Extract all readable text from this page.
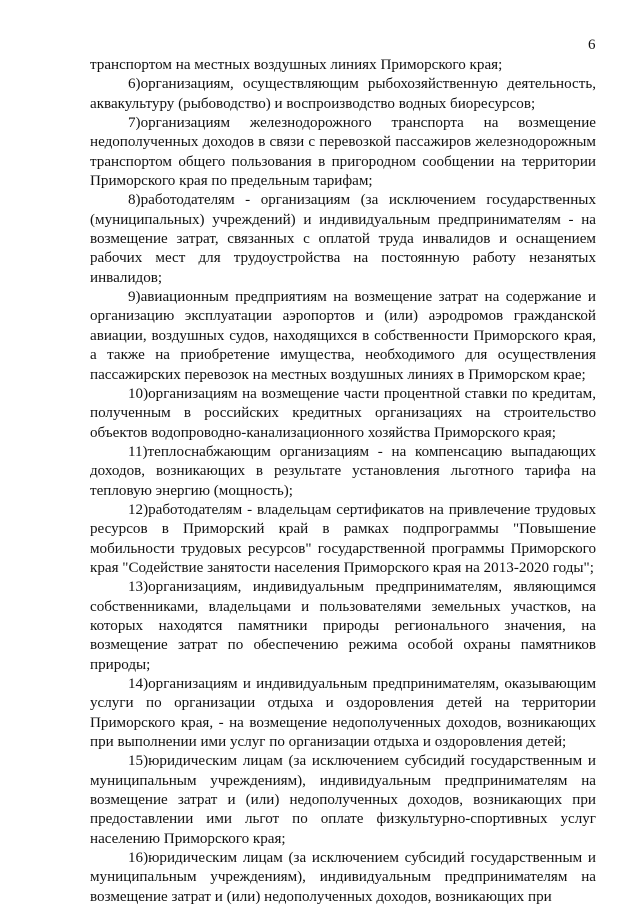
6

транспортом на местных воздушных линиях Приморского края;

6)организациям, осуществляющим рыбохозяйственную деятельность, аквакультуру (рыбоводство) и воспроизводство водных биоресурсов;

7)организациям железнодорожного транспорта на возмещение недополученных доходов в связи с перевозкой пассажиров железнодорожным транспортом общего пользования в пригородном сообщении на территории Приморского края по предельным тарифам;

8)работодателям - организациям (за исключением государственных (муниципальных) учреждений) и индивидуальным предпринимателям - на возмещение затрат, связанных с оплатой труда инвалидов и оснащением рабочих мест для трудоустройства на постоянную работу незанятых инвалидов;

9)авиационным предприятиям на возмещение затрат на содержание и организацию эксплуатации аэропортов и (или) аэродромов гражданской авиации, воздушных судов, находящихся в собственности Приморского края, а также на приобретение имущества, необходимого для осуществления пассажирских перевозок на местных воздушных линиях в Приморском крае;

10)организациям на возмещение части процентной ставки по кредитам, полученным в российских кредитных организациях на строительство объектов водопроводно-канализационного хозяйства Приморского края;

11)теплоснабжающим организациям - на компенсацию выпадающих доходов, возникающих в результате установления льготного тарифа на тепловую энергию (мощность);

12)работодателям - владельцам сертификатов на привлечение трудовых ресурсов в Приморский край в рамках подпрограммы "Повышение мобильности трудовых ресурсов" государственной программы Приморского края "Содействие занятости населения Приморского края на 2013-2020 годы";

13)организациям, индивидуальным предпринимателям, являющимся собственниками, владельцами и пользователями земельных участков, на которых находятся памятники природы регионального значения, на возмещение затрат по обеспечению режима особой охраны памятников природы;

14)организациям и индивидуальным предпринимателям, оказывающим услуги по организации отдыха и оздоровления детей на территории Приморского края, - на возмещение недополученных доходов, возникающих при выполнении ими услуг по организации отдыха и оздоровления детей;

15)юридическим лицам (за исключением субсидий государственным и муниципальным учреждениям), индивидуальным предпринимателям на возмещение затрат и (или) недополученных доходов, возникающих при предоставлении ими льгот по оплате физкультурно-спортивных услуг населению Приморского края;

16)юридическим лицам (за исключением субсидий государственным и муниципальным учреждениям), индивидуальным предпринимателям на возмещение затрат и (или) недополученных доходов, возникающих при
